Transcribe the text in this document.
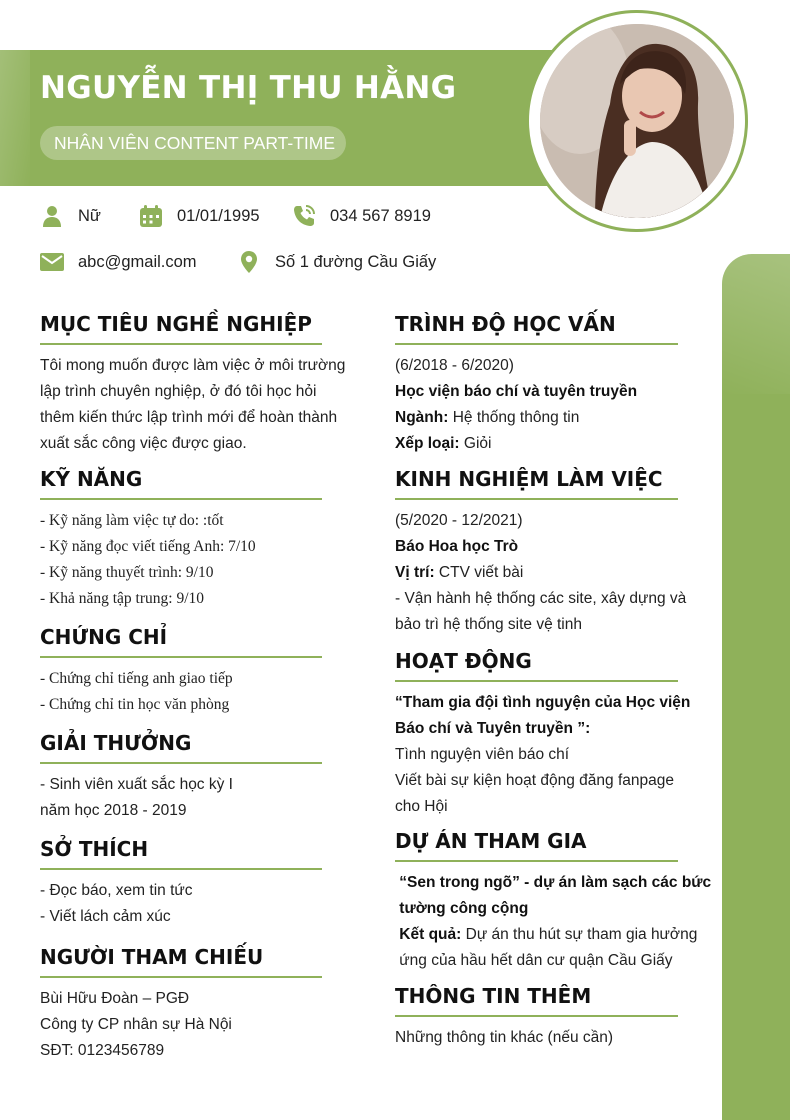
NGUYỄN THỊ THU HẰNG
NHÂN VIÊN CONTENT PART-TIME
Nữ	01/01/1995	034 567 8919
abc@gmail.com	Số 1 đường Cầu Giấy
MỤC TIÊU NGHỀ NGHIỆP
Tôi mong muốn được làm việc ở môi trường
lập trình chuyên nghiệp, ở đó tôi học hỏi
thêm kiến thức lập trình mới để hoàn thành
xuất sắc công việc được giao.
KỸ NĂNG
- Kỹ năng làm việc tự do: :tốt
- Kỹ năng đọc viết tiếng Anh: 7/10
- Kỹ năng thuyết trình: 9/10
- Khả năng tập trung: 9/10
CHỨNG CHỈ
- Chứng chỉ tiếng anh giao tiếp
- Chứng chỉ tin học văn phòng
GIẢI THƯỞNG
- Sinh viên xuất sắc học kỳ I
năm học 2018 - 2019
SỞ THÍCH
- Đọc báo, xem tin tức
- Viết lách cảm xúc
NGƯỜI THAM CHIẾU
Bùi Hữu Đoàn – PGĐ
Công ty CP nhân sự Hà Nội
SĐT: 0123456789
TRÌNH ĐỘ HỌC VẤN
(6/2018 - 6/2020)
Học viện báo chí và tuyên truyền
Ngành: Hệ thống thông tin
Xếp loại: Giỏi
KINH NGHIỆM LÀM VIỆC
(5/2020 - 12/2021)
Báo Hoa học Trò
Vị trí: CTV viết bài
- Vận hành hệ thống các site, xây dựng và
bảo trì hệ thống site vệ tinh
HOẠT ĐỘNG
“Tham gia đội tình nguyện của Học viện
Báo chí và Tuyên truyền ”:
Tình nguyện viên báo chí
Viết bài sự kiện hoạt động đăng fanpage
cho Hội
DỰ ÁN THAM GIA
“Sen trong ngõ” - dự án làm sạch các bức
tường công cộng
Kết quả: Dự án thu hút sự tham gia hưởng
ứng của hầu hết dân cư quận Cầu Giấy
THÔNG TIN THÊM
Những thông tin khác (nếu cần)
